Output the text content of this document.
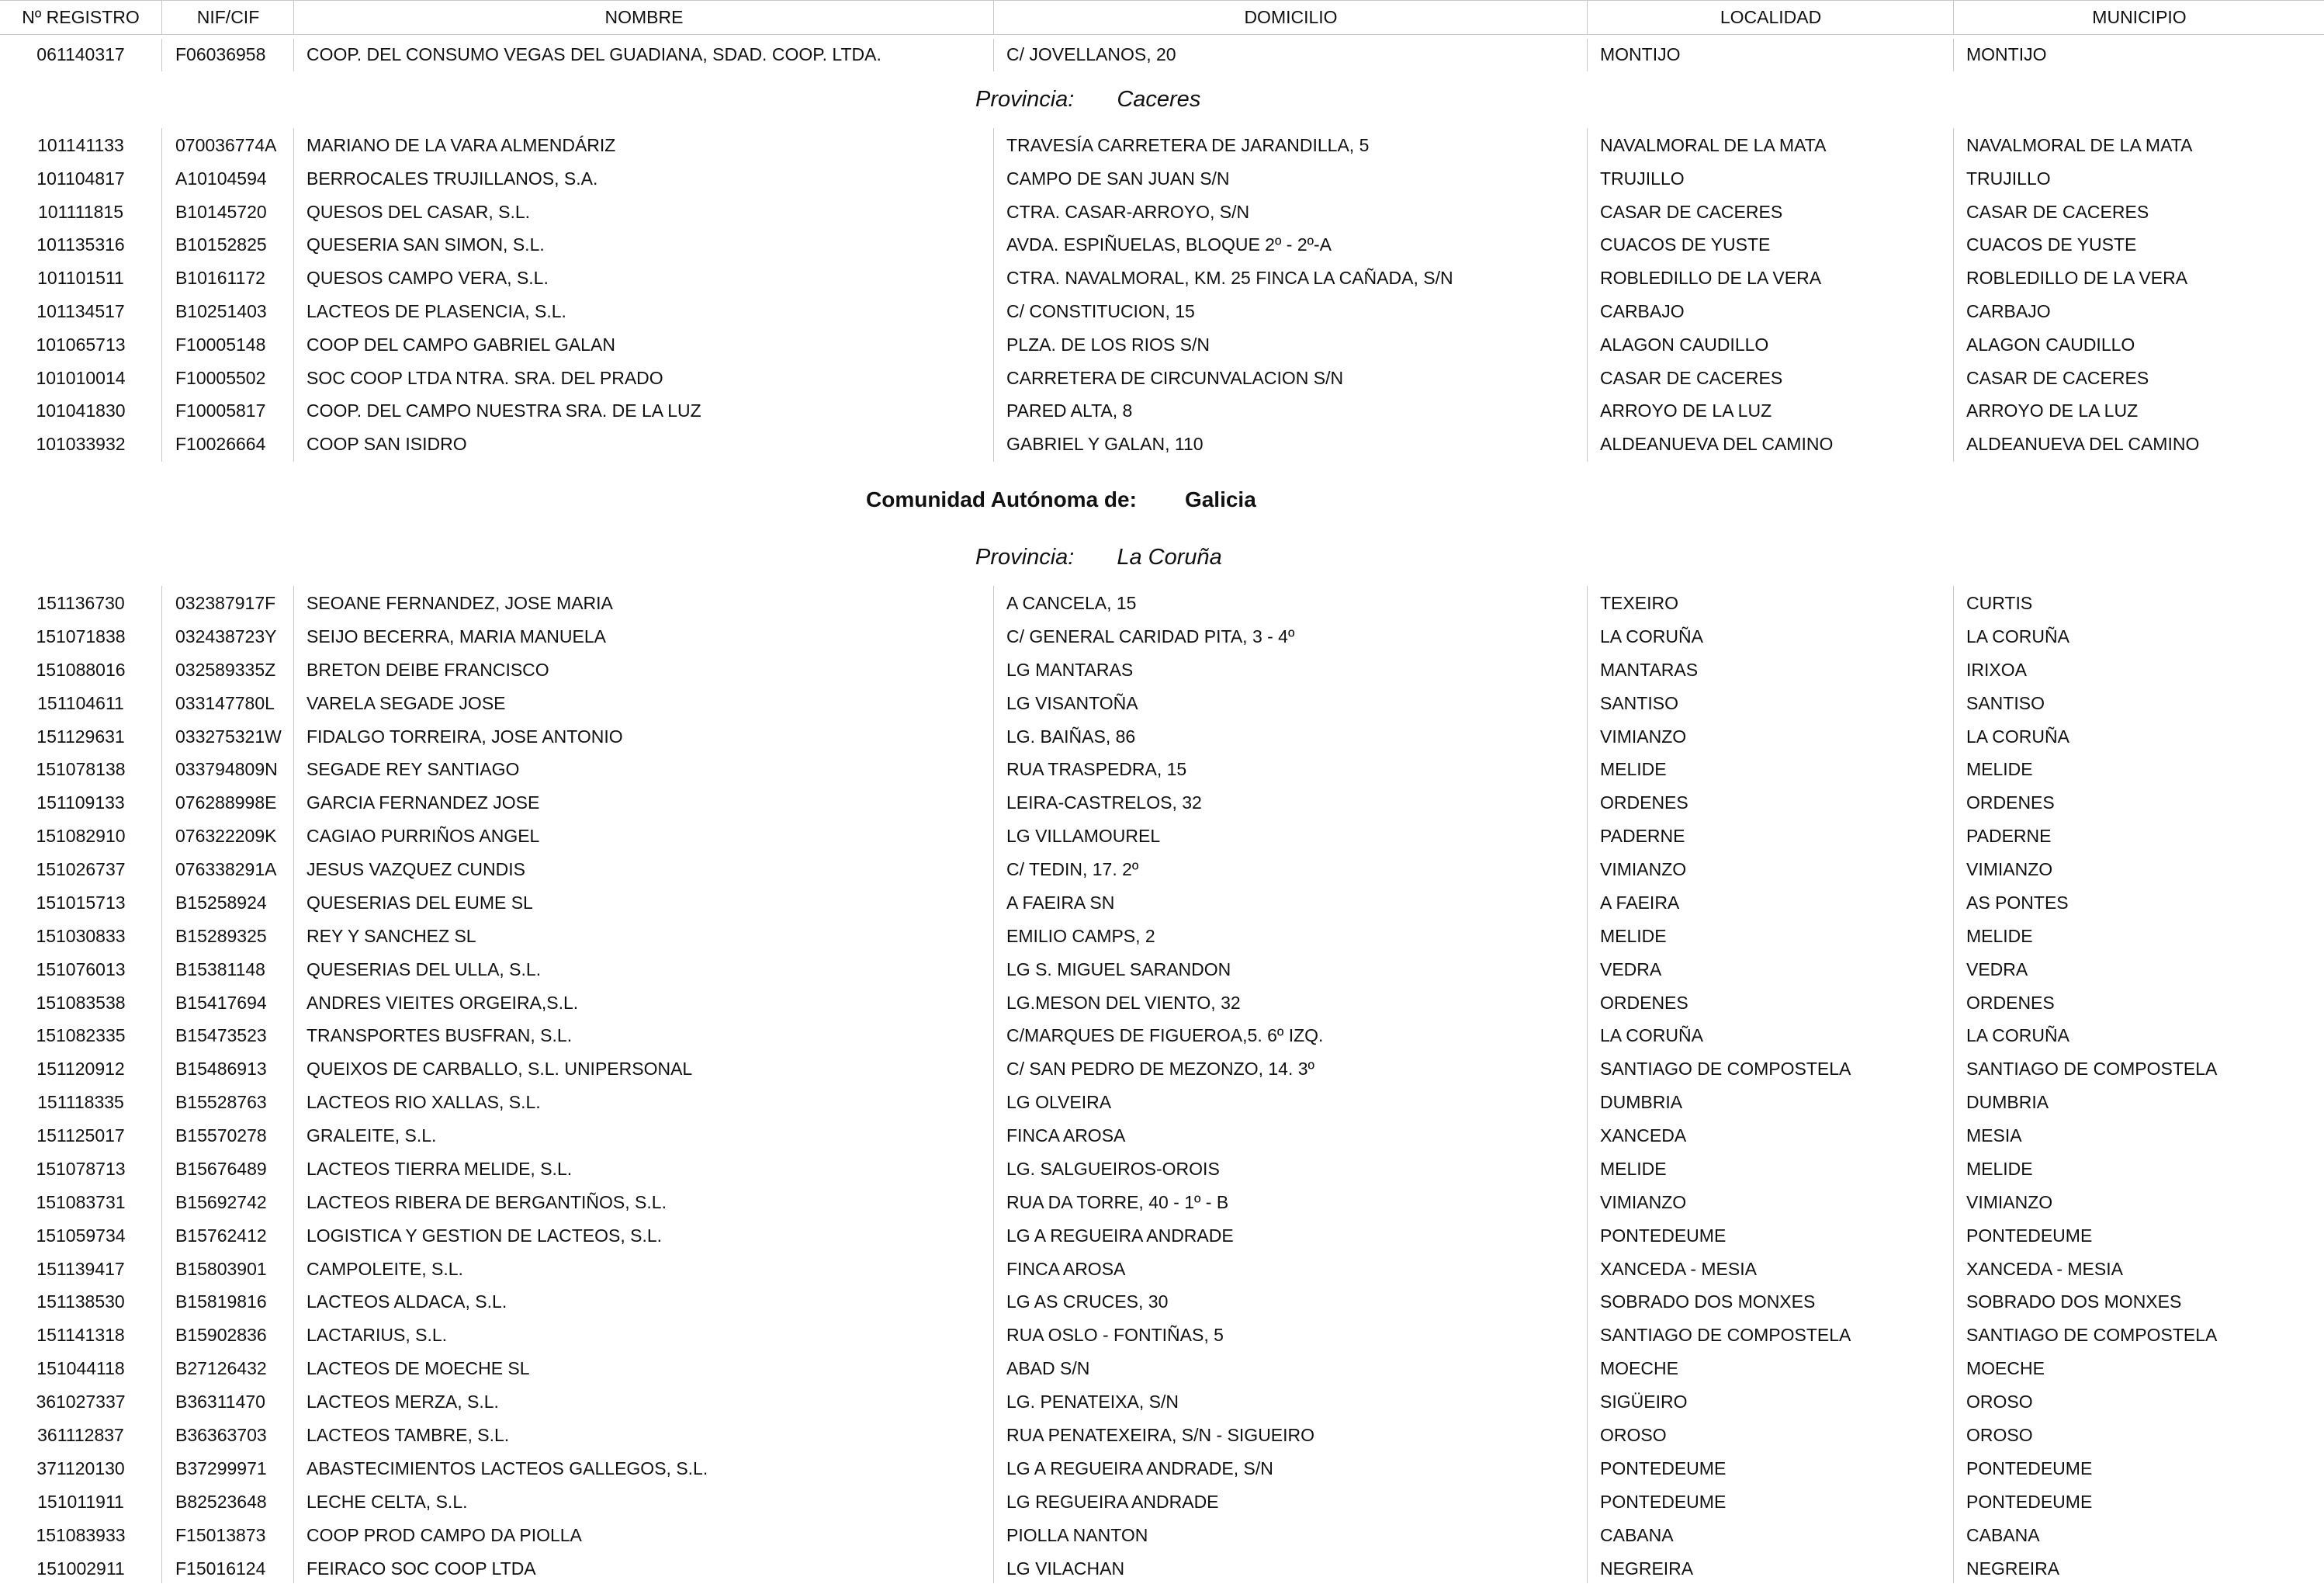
Nº REGISTRO	NIF/CIF	NOMBRE	DOMICILIO	LOCALIDAD	MUNICIPIO
061140317	F06036958	COOP. DEL CONSUMO VEGAS DEL GUADIANA, SDAD. COOP. LTDA.	C/ JOVELLANOS, 20	MONTIJO	MONTIJO
Provincia: Caceres
101141133	070036774A	MARIANO DE LA VARA ALMENDÁRIZ	TRAVESÍA CARRETERA DE JARANDILLA, 5	NAVALMORAL DE LA MATA	NAVALMORAL DE LA MATA
101104817	A10104594	BERROCALES TRUJILLANOS, S.A.	CAMPO DE SAN JUAN S/N	TRUJILLO	TRUJILLO
101111815	B10145720	QUESOS DEL CASAR, S.L.	CTRA. CASAR-ARROYO, S/N	CASAR DE CACERES	CASAR DE CACERES
101135316	B10152825	QUESERIA SAN SIMON, S.L.	AVDA. ESPIÑUELAS, BLOQUE 2º - 2º-A	CUACOS DE YUSTE	CUACOS DE YUSTE
101101511	B10161172	QUESOS CAMPO VERA, S.L.	CTRA. NAVALMORAL, KM. 25 FINCA LA CAÑADA, S/N	ROBLEDILLO DE LA VERA	ROBLEDILLO DE LA VERA
101134517	B10251403	LACTEOS DE PLASENCIA, S.L.	C/ CONSTITUCION, 15	CARBAJO	CARBAJO
101065713	F10005148	COOP DEL CAMPO GABRIEL GALAN	PLZA. DE LOS RIOS S/N	ALAGON CAUDILLO	ALAGON CAUDILLO
101010014	F10005502	SOC COOP LTDA NTRA. SRA. DEL PRADO	CARRETERA DE CIRCUNVALACION S/N	CASAR DE CACERES	CASAR DE CACERES
101041830	F10005817	COOP. DEL CAMPO NUESTRA SRA. DE LA LUZ	PARED ALTA, 8	ARROYO DE LA LUZ	ARROYO DE LA LUZ
101033932	F10026664	COOP SAN ISIDRO	GABRIEL Y GALAN, 110	ALDEANUEVA DEL CAMINO	ALDEANUEVA DEL CAMINO
Comunidad Autónoma de: Galicia
Provincia: La Coruña
151136730	032387917F	SEOANE FERNANDEZ, JOSE MARIA	A CANCELA, 15	TEXEIRO	CURTIS
151071838	032438723Y	SEIJO BECERRA, MARIA MANUELA	C/ GENERAL CARIDAD PITA, 3 - 4º	LA CORUÑA	LA CORUÑA
151088016	032589335Z	BRETON DEIBE FRANCISCO	LG MANTARAS	MANTARAS	IRIXOA
151104611	033147780L	VARELA SEGADE JOSE	LG VISANTOÑA	SANTISO	SANTISO
151129631	033275321W	FIDALGO TORREIRA, JOSE ANTONIO	LG. BAIÑAS, 86	VIMIANZO	LA CORUÑA
151078138	033794809N	SEGADE REY SANTIAGO	RUA TRASPEDRA, 15	MELIDE	MELIDE
151109133	076288998E	GARCIA FERNANDEZ JOSE	LEIRA-CASTRELOS, 32	ORDENES	ORDENES
151082910	076322209K	CAGIAO PURRIÑOS ANGEL	LG VILLAMOUREL	PADERNE	PADERNE
151026737	076338291A	JESUS VAZQUEZ CUNDIS	C/ TEDIN, 17. 2º	VIMIANZO	VIMIANZO
151015713	B15258924	QUESERIAS DEL EUME SL	A FAEIRA SN	A FAEIRA	AS PONTES
151030833	B15289325	REY Y SANCHEZ SL	EMILIO CAMPS, 2	MELIDE	MELIDE
151076013	B15381148	QUESERIAS DEL ULLA, S.L.	LG S. MIGUEL SARANDON	VEDRA	VEDRA
151083538	B15417694	ANDRES VIEITES ORGEIRA,S.L.	LG.MESON DEL VIENTO, 32	ORDENES	ORDENES
151082335	B15473523	TRANSPORTES BUSFRAN, S.L.	C/MARQUES DE FIGUEROA,5. 6º IZQ.	LA CORUÑA	LA CORUÑA
151120912	B15486913	QUEIXOS DE CARBALLO, S.L. UNIPERSONAL	C/ SAN PEDRO DE MEZONZO, 14. 3º	SANTIAGO DE COMPOSTELA	SANTIAGO DE COMPOSTELA
151118335	B15528763	LACTEOS RIO XALLAS, S.L.	LG OLVEIRA	DUMBRIA	DUMBRIA
151125017	B15570278	GRALEITE, S.L.	FINCA AROSA	XANCEDA	MESIA
151078713	B15676489	LACTEOS TIERRA MELIDE, S.L.	LG. SALGUEIROS-OROIS	MELIDE	MELIDE
151083731	B15692742	LACTEOS RIBERA DE BERGANTIÑOS, S.L.	RUA DA TORRE, 40 - 1º - B	VIMIANZO	VIMIANZO
151059734	B15762412	LOGISTICA Y GESTION DE LACTEOS, S.L.	LG A REGUEIRA ANDRADE	PONTEDEUME	PONTEDEUME
151139417	B15803901	CAMPOLEITE, S.L.	FINCA AROSA	XANCEDA - MESIA	XANCEDA - MESIA
151138530	B15819816	LACTEOS ALDACA, S.L.	LG AS CRUCES, 30	SOBRADO DOS MONXES	SOBRADO DOS MONXES
151141318	B15902836	LACTARIUS, S.L.	RUA OSLO - FONTIÑAS, 5	SANTIAGO DE COMPOSTELA	SANTIAGO DE COMPOSTELA
151044118	B27126432	LACTEOS DE MOECHE SL	ABAD S/N	MOECHE	MOECHE
361027337	B36311470	LACTEOS MERZA, S.L.	LG. PENATEIXA, S/N	SIGÜEIRO	OROSO
361112837	B36363703	LACTEOS TAMBRE, S.L.	RUA PENATEXEIRA, S/N - SIGUEIRO	OROSO	OROSO
371120130	B37299971	ABASTECIMIENTOS LACTEOS GALLEGOS, S.L.	LG A REGUEIRA ANDRADE, S/N	PONTEDEUME	PONTEDEUME
151011911	B82523648	LECHE CELTA, S.L.	LG REGUEIRA ANDRADE	PONTEDEUME	PONTEDEUME
151083933	F15013873	COOP PROD CAMPO DA PIOLLA	PIOLLA NANTON	CABANA	CABANA
151002911	F15016124	FEIRACO SOC COOP LTDA	LG VILACHAN	NEGREIRA	NEGREIRA
